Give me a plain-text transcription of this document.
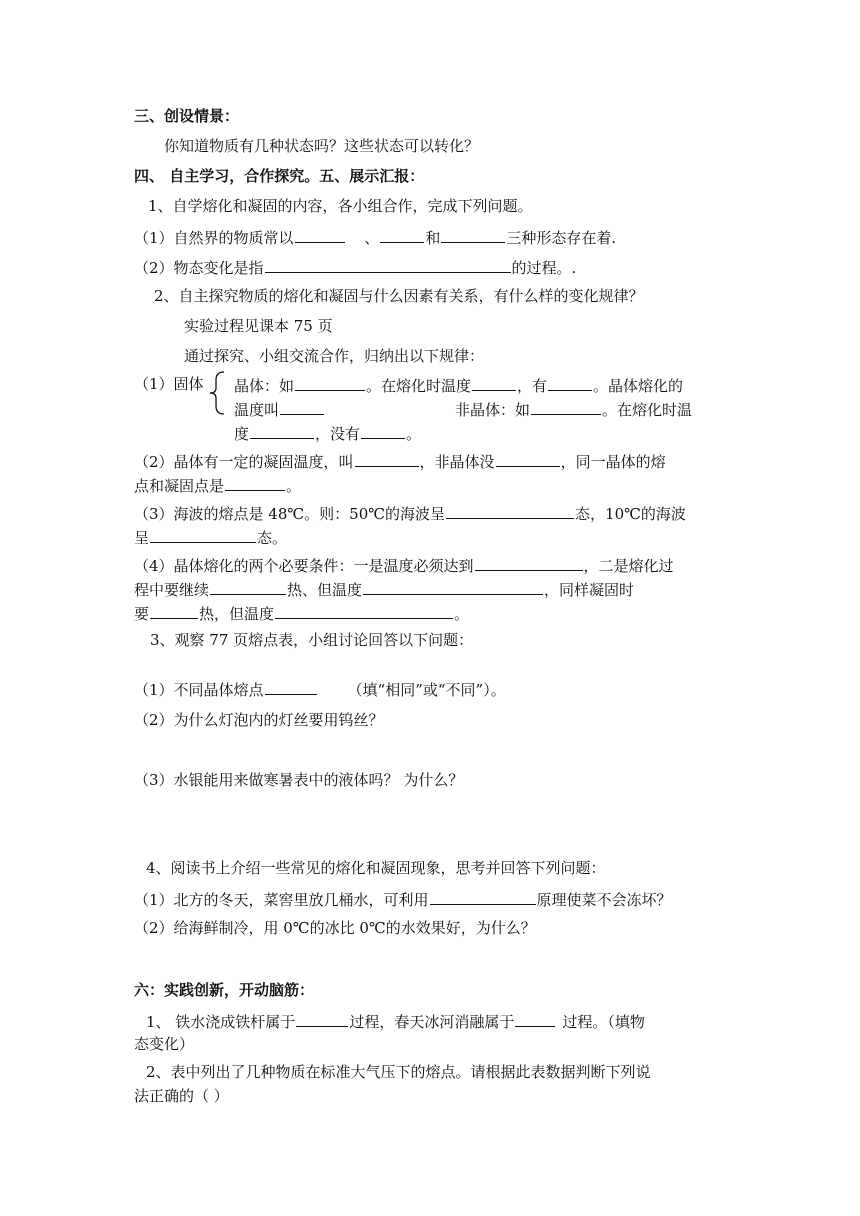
三、创设情景：
你知道物质有几种状态吗？这些状态可以转化？
四、 自主学习，合作探究。五、展示汇报：
1、自学熔化和凝固的内容，各小组合作，完成下列问题。
（1）自然界的物质常以	、	和	三种形态存在着.
（2）物态变化是指	的过程。.
2、自主探究物质的熔化和凝固与什么因素有关系，有什么样的变化规律？
实验过程见课本 75 页
通过探究、小组交流合作，归纳出以下规律：
（1）固体 晶体：如	。在熔化时温度	，有	。晶体熔化的
温度叫	非晶体：如	。在熔化时温
度	，没有	。
（2）晶体有一定的凝固温度，叫	，非晶体没	，同一晶体的熔
点和凝固点是	。
（3）海波的熔点是 48℃。则：50℃的海波呈	态，10℃的海波
呈	态。
（4）晶体熔化的两个必要条件：一是温度必须达到	，二是熔化过
程中要继续	热、但温度	，同样凝固时
要	热，但温度	。
3、观察 77 页熔点表，小组讨论回答以下问题：
（1）不同晶体熔点	（填“相同”或“不同”）。
（2）为什么灯泡内的灯丝要用钨丝？
（3）水银能用来做寒暑表中的液体吗？ 为什么？
4、阅读书上介绍一些常见的熔化和凝固现象，思考并回答下列问题：
（1）北方的冬天，菜窖里放几桶水，可利用	原理使菜不会冻坏？
（2）给海鲜制冷，用 0℃的冰比 0℃的水效果好，为什么？
六：实践创新，开动脑筋：
1、 铁水浇成铁杆属于	过程，春天冰河消融属于	过程。（填物
态变化）
2、表中列出了几种物质在标准大气压下的熔点。请根据此表数据判断下列说
法正确的（ ）
